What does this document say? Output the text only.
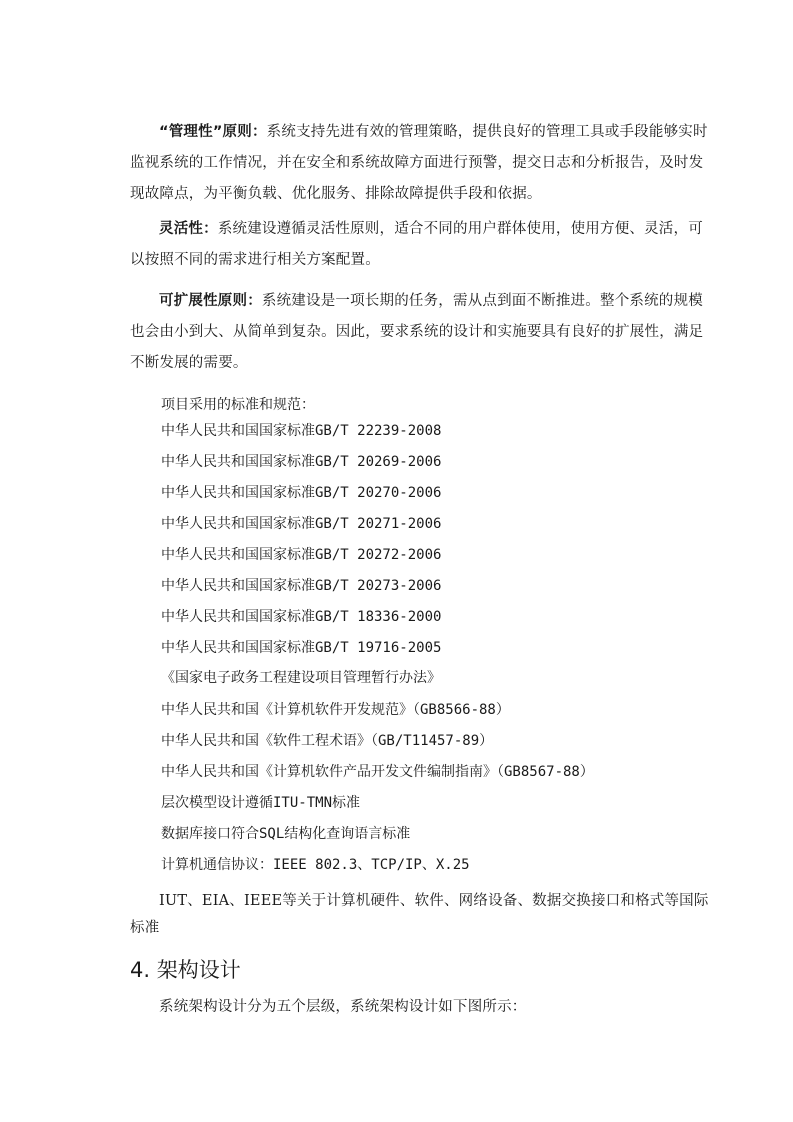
“管理性”原则：系统支持先进有效的管理策略，提供良好的管理工具或手段能够实时监视系统的工作情况，并在安全和系统故障方面进行预警，提交日志和分析报告，及时发现故障点，为平衡负载、优化服务、排除故障提供手段和依据。

灵活性：系统建设遵循灵活性原则，适合不同的用户群体使用，使用方便、灵活，可以按照不同的需求进行相关方案配置。

可扩展性原则：系统建设是一项长期的任务，需从点到面不断推进。整个系统的规模也会由小到大、从简单到复杂。因此，要求系统的设计和实施要具有良好的扩展性，满足不断发展的需要。

项目采用的标准和规范：

中华人民共和国国家标准GB/T 22239-2008

中华人民共和国国家标准GB/T 20269-2006

中华人民共和国国家标准GB/T 20270-2006

中华人民共和国国家标准GB/T 20271-2006

中华人民共和国国家标准GB/T 20272-2006

中华人民共和国国家标准GB/T 20273-2006

中华人民共和国国家标准GB/T 18336-2000

中华人民共和国国家标准GB/T 19716-2005

《国家电子政务工程建设项目管理暂行办法》

中华人民共和国《计算机软件开发规范》（GB8566-88）

中华人民共和国《软件工程术语》（GB/T11457-89）

中华人民共和国《计算机软件产品开发文件编制指南》（GB8567-88）

层次模型设计遵循ITU-TMN标准

数据库接口符合SQL结构化查询语言标准

计算机通信协议：IEEE 802.3、TCP/IP、X.25

IUT、EIA、IEEE等关于计算机硬件、软件、网络设备、数据交换接口和格式等国际标准

4. 架构设计

系统架构设计分为五个层级，系统架构设计如下图所示：
